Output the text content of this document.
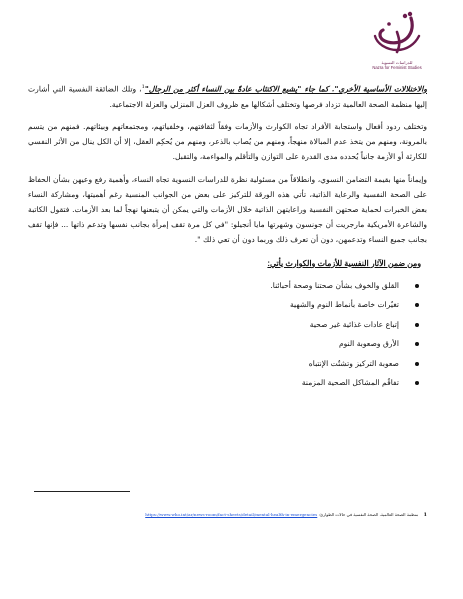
للدراسات النسوية
Nazra for Feminist Studies

والاختلالات الأساسية الأخرى". كما جاء "يشيع الاكتئاب عادةً بين النساء أكثر من الرجال"$^1$، وتلك الضائقة النفسية التي أشارت إليها منظمة الصحة العالمية تزداد فرصها وتختلف أشكالها مع ظروف العزل المنزلي والعزلة الاجتماعية.

وتختلف ردود أفعال واستجابة الأفراد تجاه الكوارث والأزمات وفقاً لثقافتهم، وخلفياتهم، ومجتمعاتهم وبيئاتهم. فمنهم من يتسم بالمرونة، ومنهم من يتخذ عدم المبالاة منهجاً، ومنهم من يُصاب بالذعر، ومنهم من يُحكِم العقل، إلا أن الكل ينال من الأثر النفسي للكارثة أو الأزمة جانباً يُحدده مدى القدرة على التوازن والتأقلم والمواءمة، والتقبل.

وإيماناً منها بقيمة التضامن النسوي، وانطلاقاً من مسئولية نظرة للدراسات النسوية تجاه النساء، وأهمية رفع وعيهن بشأن الحفاظ على الصحة النفسية والرعاية الذاتية، تأتي هذه الورقة للتركيز على بعض من الجوانب المنسية رغم أهميتها، ومشاركة النساء بعض الخبرات لحماية صحتهن النفسية وراعايتهن الذاتية خلال الأزمات والتي يمكن أن يتبعنها نهجاً لما بعد الأزمات. فتقول الكاتبة والشاعرة الأمريكية مارجريت أن جونسون وشهرتها مايا أنجيلو: "في كل مرة تقف إمرأة بجانب نفسها وتدعم ذاتها ... فإنها تقف بجانب جميع النساء وتدعمهن، دون أن تعرف ذلك وربما دون أن تعي ذلك ".

ومن ضمن الآثار النفسية للأزمات والكوارث يأتي:
القلق والخوف بشأن صحتنا وصحة أحبائنا.
تغيُرات خاصة بأنماط النوم والشهية
إتباع عادات غذائية غير صحية
الأرق وصعوبة النوم
صعوبة التركيز وتشتُت الإنتباه
تفاقُم المشاكل الصحية المزمنة
1 منظمة الصحة العالمية، الصحة النفسية في حالات الطوارئ: https://www.who.int/ar/news-room/fact-sheets/detail/mental-health-in-emergencies
